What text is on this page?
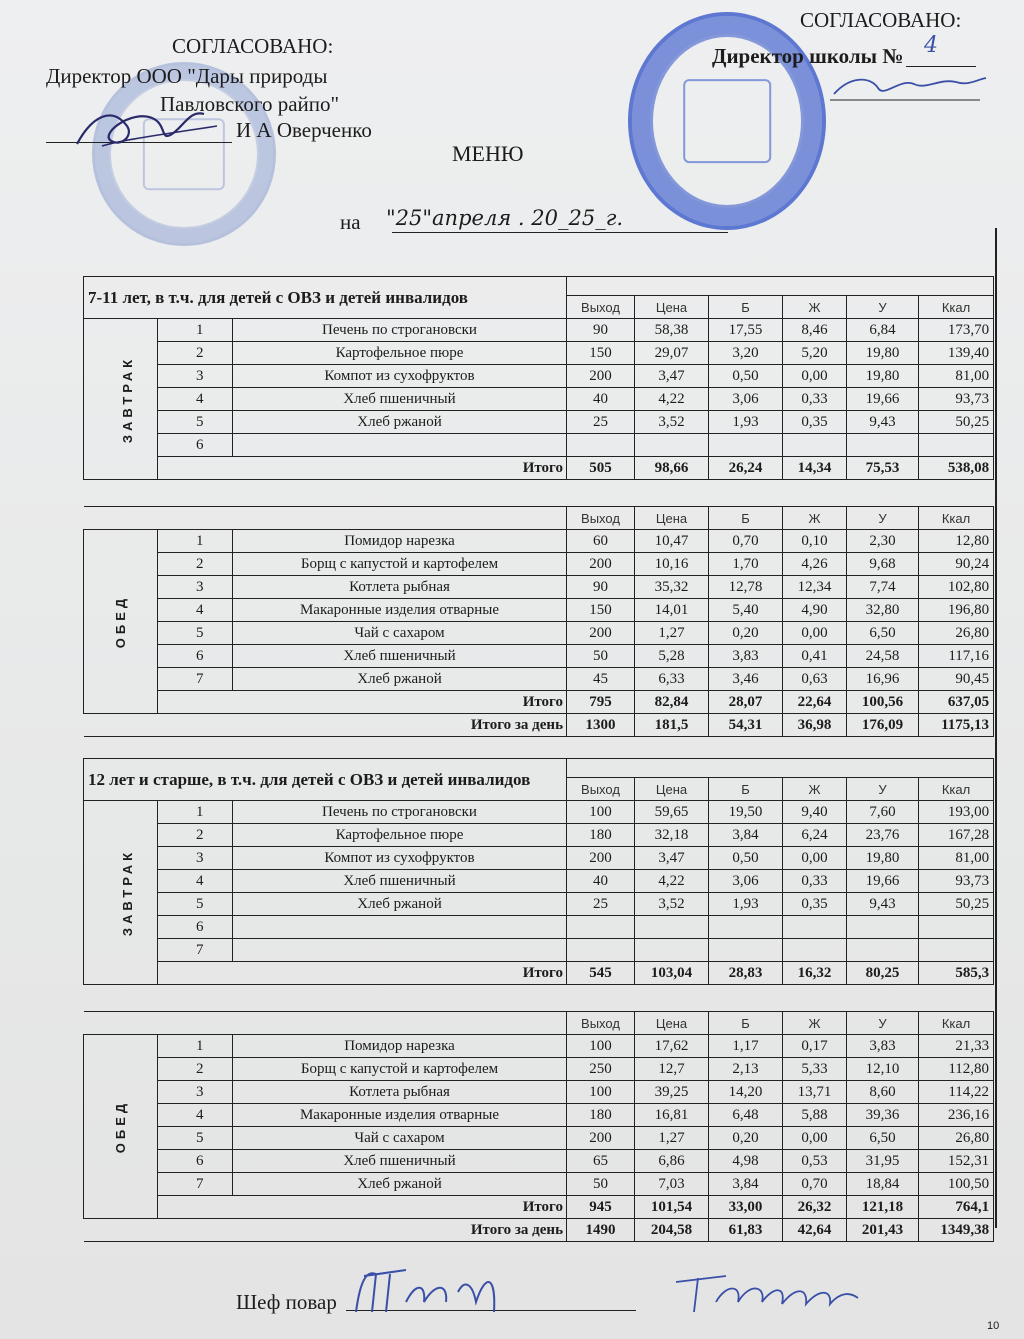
СОГЛАСОВАНО:
Директор ООО "Дары природы
Павловского райпо"
И А Оверченко
СОГЛАСОВАНО:
Директор школы № 4
МЕНЮ
на "25"апреля . 20_25_г.
7-11 лет, в т.ч. для детей с ОВЗ и детей инвалидов								
			Выход	Цена	Б	Ж	У	Ккал
ЗАВТРАК	1	Печень по строгановски	90	58,38	17,55	8,46	6,84	173,70
	2	Картофельное пюре	150	29,07	3,20	5,20	19,80	139,40
	3	Компот из сухофруктов	200	3,47	0,50	0,00	19,80	81,00
	4	Хлеб пшеничный	40	4,22	3,06	0,33	19,66	93,73
	5	Хлеб ржаной	25	3,52	1,93	0,35	9,43	50,25
	6							
	Итого		505	98,66	26,24	14,34	75,53	538,08

			Выход	Цена	Б	Ж	У	Ккал
ОБЕД	1	Помидор нарезка	60	10,47	0,70	0,10	2,30	12,80
	2	Борщ с капустой и картофелем	200	10,16	1,70	4,26	9,68	90,24
	3	Котлета рыбная	90	35,32	12,78	12,34	7,74	102,80
	4	Макаронные изделия отварные	150	14,01	5,40	4,90	32,80	196,80
	5	Чай с сахаром	200	1,27	0,20	0,00	6,50	26,80
	6	Хлеб пшеничный	50	5,28	3,83	0,41	24,58	117,16
	7	Хлеб ржаной	45	6,33	3,46	0,63	16,96	90,45
	Итого		795	82,84	28,07	22,64	100,56	637,05
Итого за день			1300	181,5	54,31	36,98	176,09	1175,13
12 лет и старше, в т.ч. для детей с ОВЗ и детей инвалидов								
			Выход	Цена	Б	Ж	У	Ккал
ЗАВТРАК	1	Печень по строгановски	100	59,65	19,50	9,40	7,60	193,00
	2	Картофельное пюре	180	32,18	3,84	6,24	23,76	167,28
	3	Компот из сухофруктов	200	3,47	0,50	0,00	19,80	81,00
	4	Хлеб пшеничный	40	4,22	3,06	0,33	19,66	93,73
	5	Хлеб ржаной	25	3,52	1,93	0,35	9,43	50,25
	6							
	7							
	Итого		545	103,04	28,83	16,32	80,25	585,3

			Выход	Цена	Б	Ж	У	Ккал
ОБЕД	1	Помидор нарезка	100	17,62	1,17	0,17	3,83	21,33
	2	Борщ с капустой и картофелем	250	12,7	2,13	5,33	12,10	112,80
	3	Котлета рыбная	100	39,25	14,20	13,71	8,60	114,22
	4	Макаронные изделия отварные	180	16,81	6,48	5,88	39,36	236,16
	5	Чай с сахаром	200	1,27	0,20	0,00	6,50	26,80
	6	Хлеб пшеничный	65	6,86	4,98	0,53	31,95	152,31
	7	Хлеб ржаной	50	7,03	3,84	0,70	18,84	100,50
	Итого		945	101,54	33,00	26,32	121,18	764,1
Итого за день			1490	204,58	61,83	42,64	201,43	1349,38
Шеф повар
10
